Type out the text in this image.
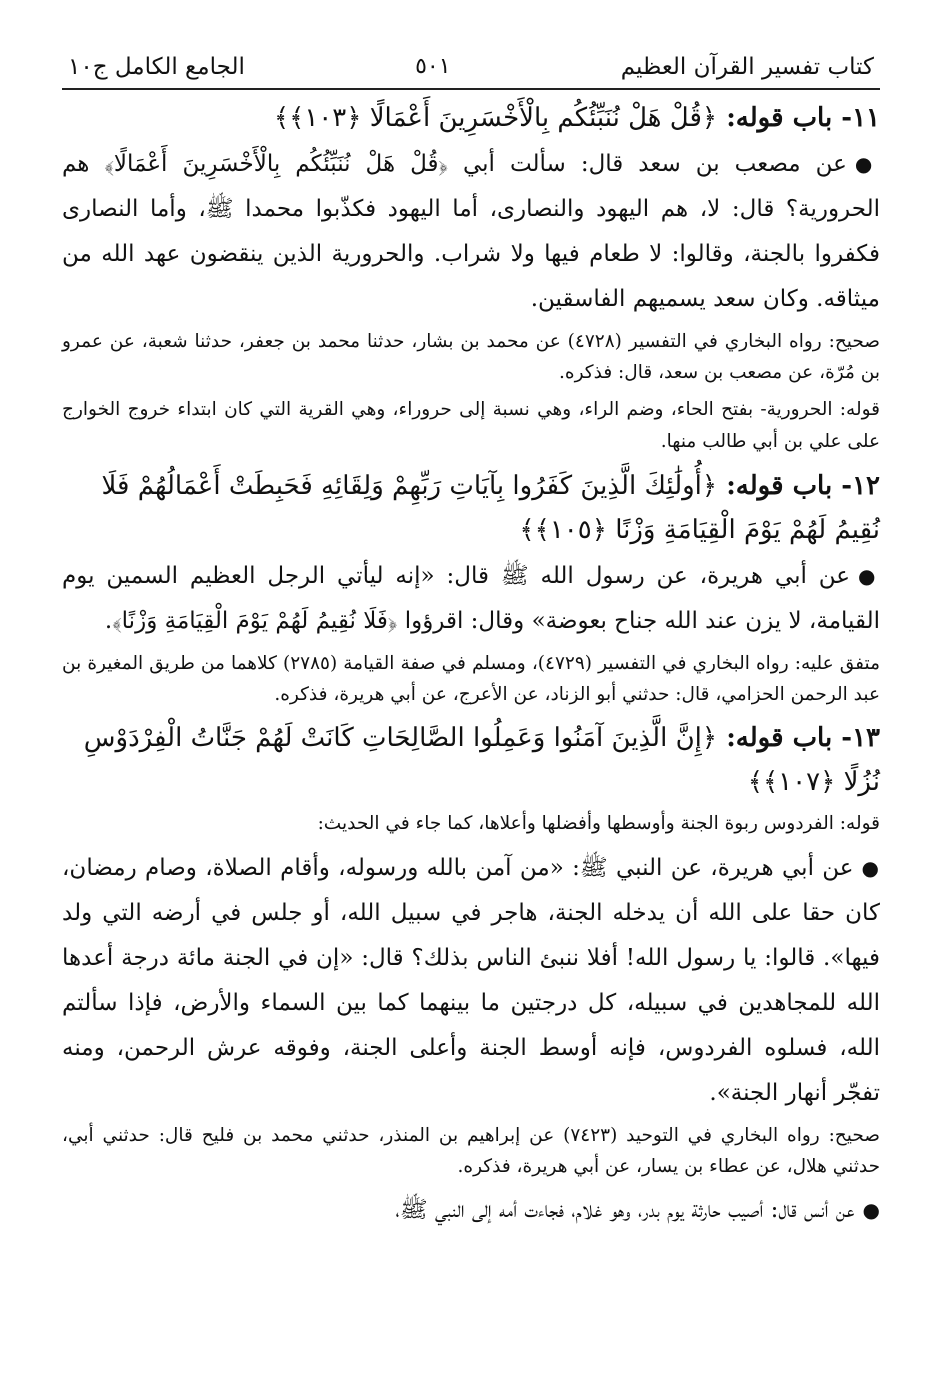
كتاب تفسير القرآن العظيم
٥٠١
الجامع الكامل ج١٠
١١- باب قوله: ﴿قُلْ هَلْ نُنَبِّئُكُم بِالْأَخْسَرِينَ أَعْمَالًا ﴿١٠٣﴾﴾

●عن مصعب بن سعد قال: سألت أبي ﴿قُلْ هَلْ نُنَبِّئُكُم بِالْأَخْسَرِينَ أَعْمَالًا﴾ هم الحرورية؟ قال: لا، هم اليهود والنصارى، أما اليهود فكذّبوا محمدا ﷺ، وأما النصارى فكفروا بالجنة، وقالوا: لا طعام فيها ولا شراب. والحرورية الذين ينقضون عهد الله من ميثاقه. وكان سعد يسميهم الفاسقين.

صحيح: رواه البخاري في التفسير (٤٧٢٨) عن محمد بن بشار، حدثنا محمد بن جعفر، حدثنا شعبة، عن عمرو بن مُرّة، عن مصعب بن سعد، قال: فذكره.

قوله: الحرورية- بفتح الحاء، وضم الراء، وهي نسبة إلى حروراء، وهي القرية التي كان ابتداء خروج الخوارج على علي بن أبي طالب منها.

١٢- باب قوله: ﴿أُولَٰئِكَ الَّذِينَ كَفَرُوا بِآيَاتِ رَبِّهِمْ وَلِقَائِهِ فَحَبِطَتْ أَعْمَالُهُمْ فَلَا نُقِيمُ لَهُمْ يَوْمَ الْقِيَامَةِ وَزْنًا ﴿١٠٥﴾﴾

●عن أبي هريرة، عن رسول الله ﷺ قال: «إنه ليأتي الرجل العظيم السمين يوم القيامة، لا يزن عند الله جناح بعوضة» وقال: اقرؤوا ﴿فَلَا نُقِيمُ لَهُمْ يَوْمَ الْقِيَامَةِ وَزْنًا﴾.

متفق عليه: رواه البخاري في التفسير (٤٧٢٩)، ومسلم في صفة القيامة (٢٧٨٥) كلاهما من طريق المغيرة بن عبد الرحمن الحزامي، قال: حدثني أبو الزناد، عن الأعرج، عن أبي هريرة، فذكره.

١٣- باب قوله: ﴿إِنَّ الَّذِينَ آمَنُوا وَعَمِلُوا الصَّالِحَاتِ كَانَتْ لَهُمْ جَنَّاتُ الْفِرْدَوْسِ نُزُلًا ﴿١٠٧﴾﴾

قوله: الفردوس ربوة الجنة وأوسطها وأفضلها وأعلاها، كما جاء في الحديث:

●عن أبي هريرة، عن النبي ﷺ: «من آمن بالله ورسوله، وأقام الصلاة، وصام رمضان، كان حقا على الله أن يدخله الجنة، هاجر في سبيل الله، أو جلس في أرضه التي ولد فيها». قالوا: يا رسول الله! أفلا ننبئ الناس بذلك؟ قال: «إن في الجنة مائة درجة أعدها الله للمجاهدين في سبيله، كل درجتين ما بينهما كما بين السماء والأرض، فإذا سألتم الله، فسلوه الفردوس، فإنه أوسط الجنة وأعلى الجنة، وفوقه عرش الرحمن، ومنه تفجّر أنهار الجنة».

صحيح: رواه البخاري في التوحيد (٧٤٢٣) عن إبراهيم بن المنذر، حدثني محمد بن فليح قال: حدثني أبي، حدثني هلال، عن عطاء بن يسار، عن أبي هريرة، فذكره.

●عن أنس قال: أصيب حارثة يوم بدر، وهو غلام، فجاءت أمه إلى النبي ﷺ،
